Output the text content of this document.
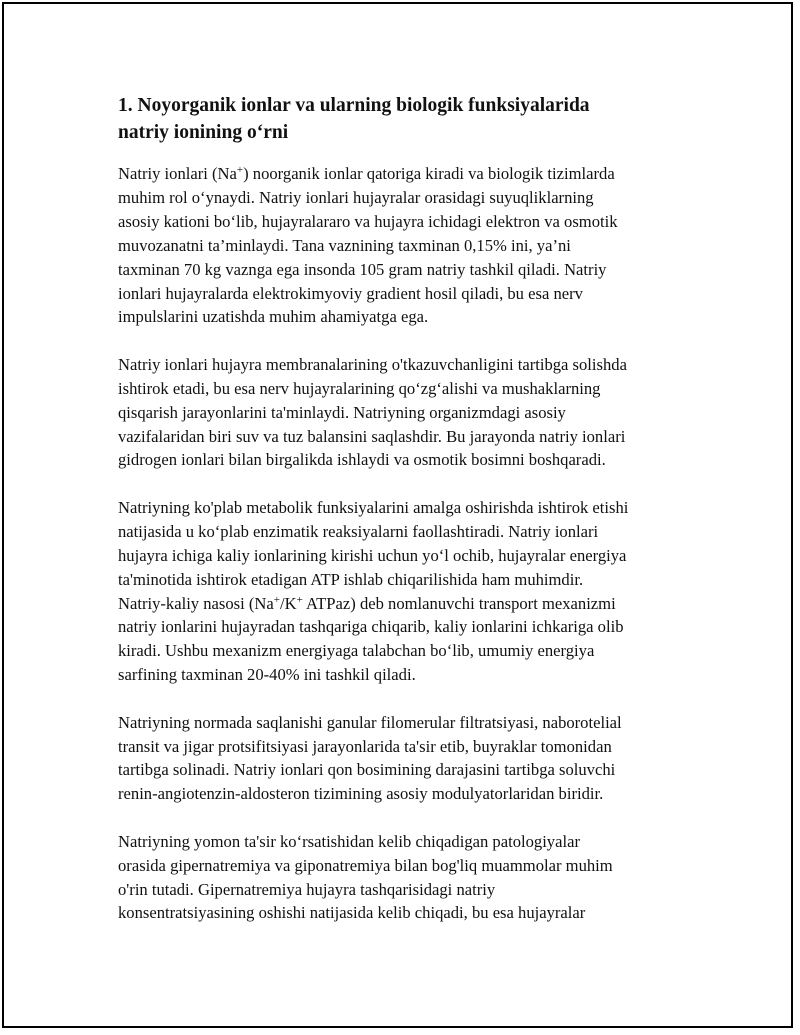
1. Noyorganik ionlar va ularning biologik funksiyalarida
natriy ionining o‘rni

Natriy ionlari (Na+) noorganik ionlar qatoriga kiradi va biologik tizimlarda
muhim rol o‘ynaydi. Natriy ionlari hujayralar orasidagi suyuqliklarning
asosiy kationi bo‘lib, hujayralararo va hujayra ichidagi elektron va osmotik
muvozanatni ta’minlaydi. Tana vaznining taxminan 0,15% ini, ya’ni
taxminan 70 kg vaznga ega insonda 105 gram natriy tashkil qiladi. Natriy
ionlari hujayralarda elektrokimyoviy gradient hosil qiladi, bu esa nerv
impulslarini uzatishda muhim ahamiyatga ega.

Natriy ionlari hujayra membranalarining o'tkazuvchanligini tartibga solishda
ishtirok etadi, bu esa nerv hujayralarining qo‘zg‘alishi va mushaklarning
qisqarish jarayonlarini ta'minlaydi. Natriyning organizmdagi asosiy
vazifalaridan biri suv va tuz balansini saqlashdir. Bu jarayonda natriy ionlari
gidrogen ionlari bilan birgalikda ishlaydi va osmotik bosimni boshqaradi.

Natriyning ko'plab metabolik funksiyalarini amalga oshirishda ishtirok etishi
natijasida u ko‘plab enzimatik reaksiyalarni faollashtiradi. Natriy ionlari
hujayra ichiga kaliy ionlarining kirishi uchun yo‘l ochib, hujayralar energiya
ta'minotida ishtirok etadigan ATP ishlab chiqarilishida ham muhimdir.
Natriy-kaliy nasosi (Na+/K+ ATPaz) deb nomlanuvchi transport mexanizmi
natriy ionlarini hujayradan tashqariga chiqarib, kaliy ionlarini ichkariga olib
kiradi. Ushbu mexanizm energiyaga talabchan bo‘lib, umumiy energiya
sarfining taxminan 20-40% ini tashkil qiladi.

Natriyning normada saqlanishi ganular filomerular filtratsiyasi, naborotelial
transit va jigar protsifitsiyasi jarayonlarida ta'sir etib, buyraklar tomonidan
tartibga solinadi. Natriy ionlari qon bosimining darajasini tartibga soluvchi
renin-angiotenzin-aldosteron tizimining asosiy modulyatorlaridan biridir.

Natriyning yomon ta'sir ko‘rsatishidan kelib chiqadigan patologiyalar
orasida gipernatremiya va giponatremiya bilan bog'liq muammolar muhim
o'rin tutadi. Gipernatremiya hujayra tashqarisidagi natriy
konsentratsiyasining oshishi natijasida kelib chiqadi, bu esa hujayralar
